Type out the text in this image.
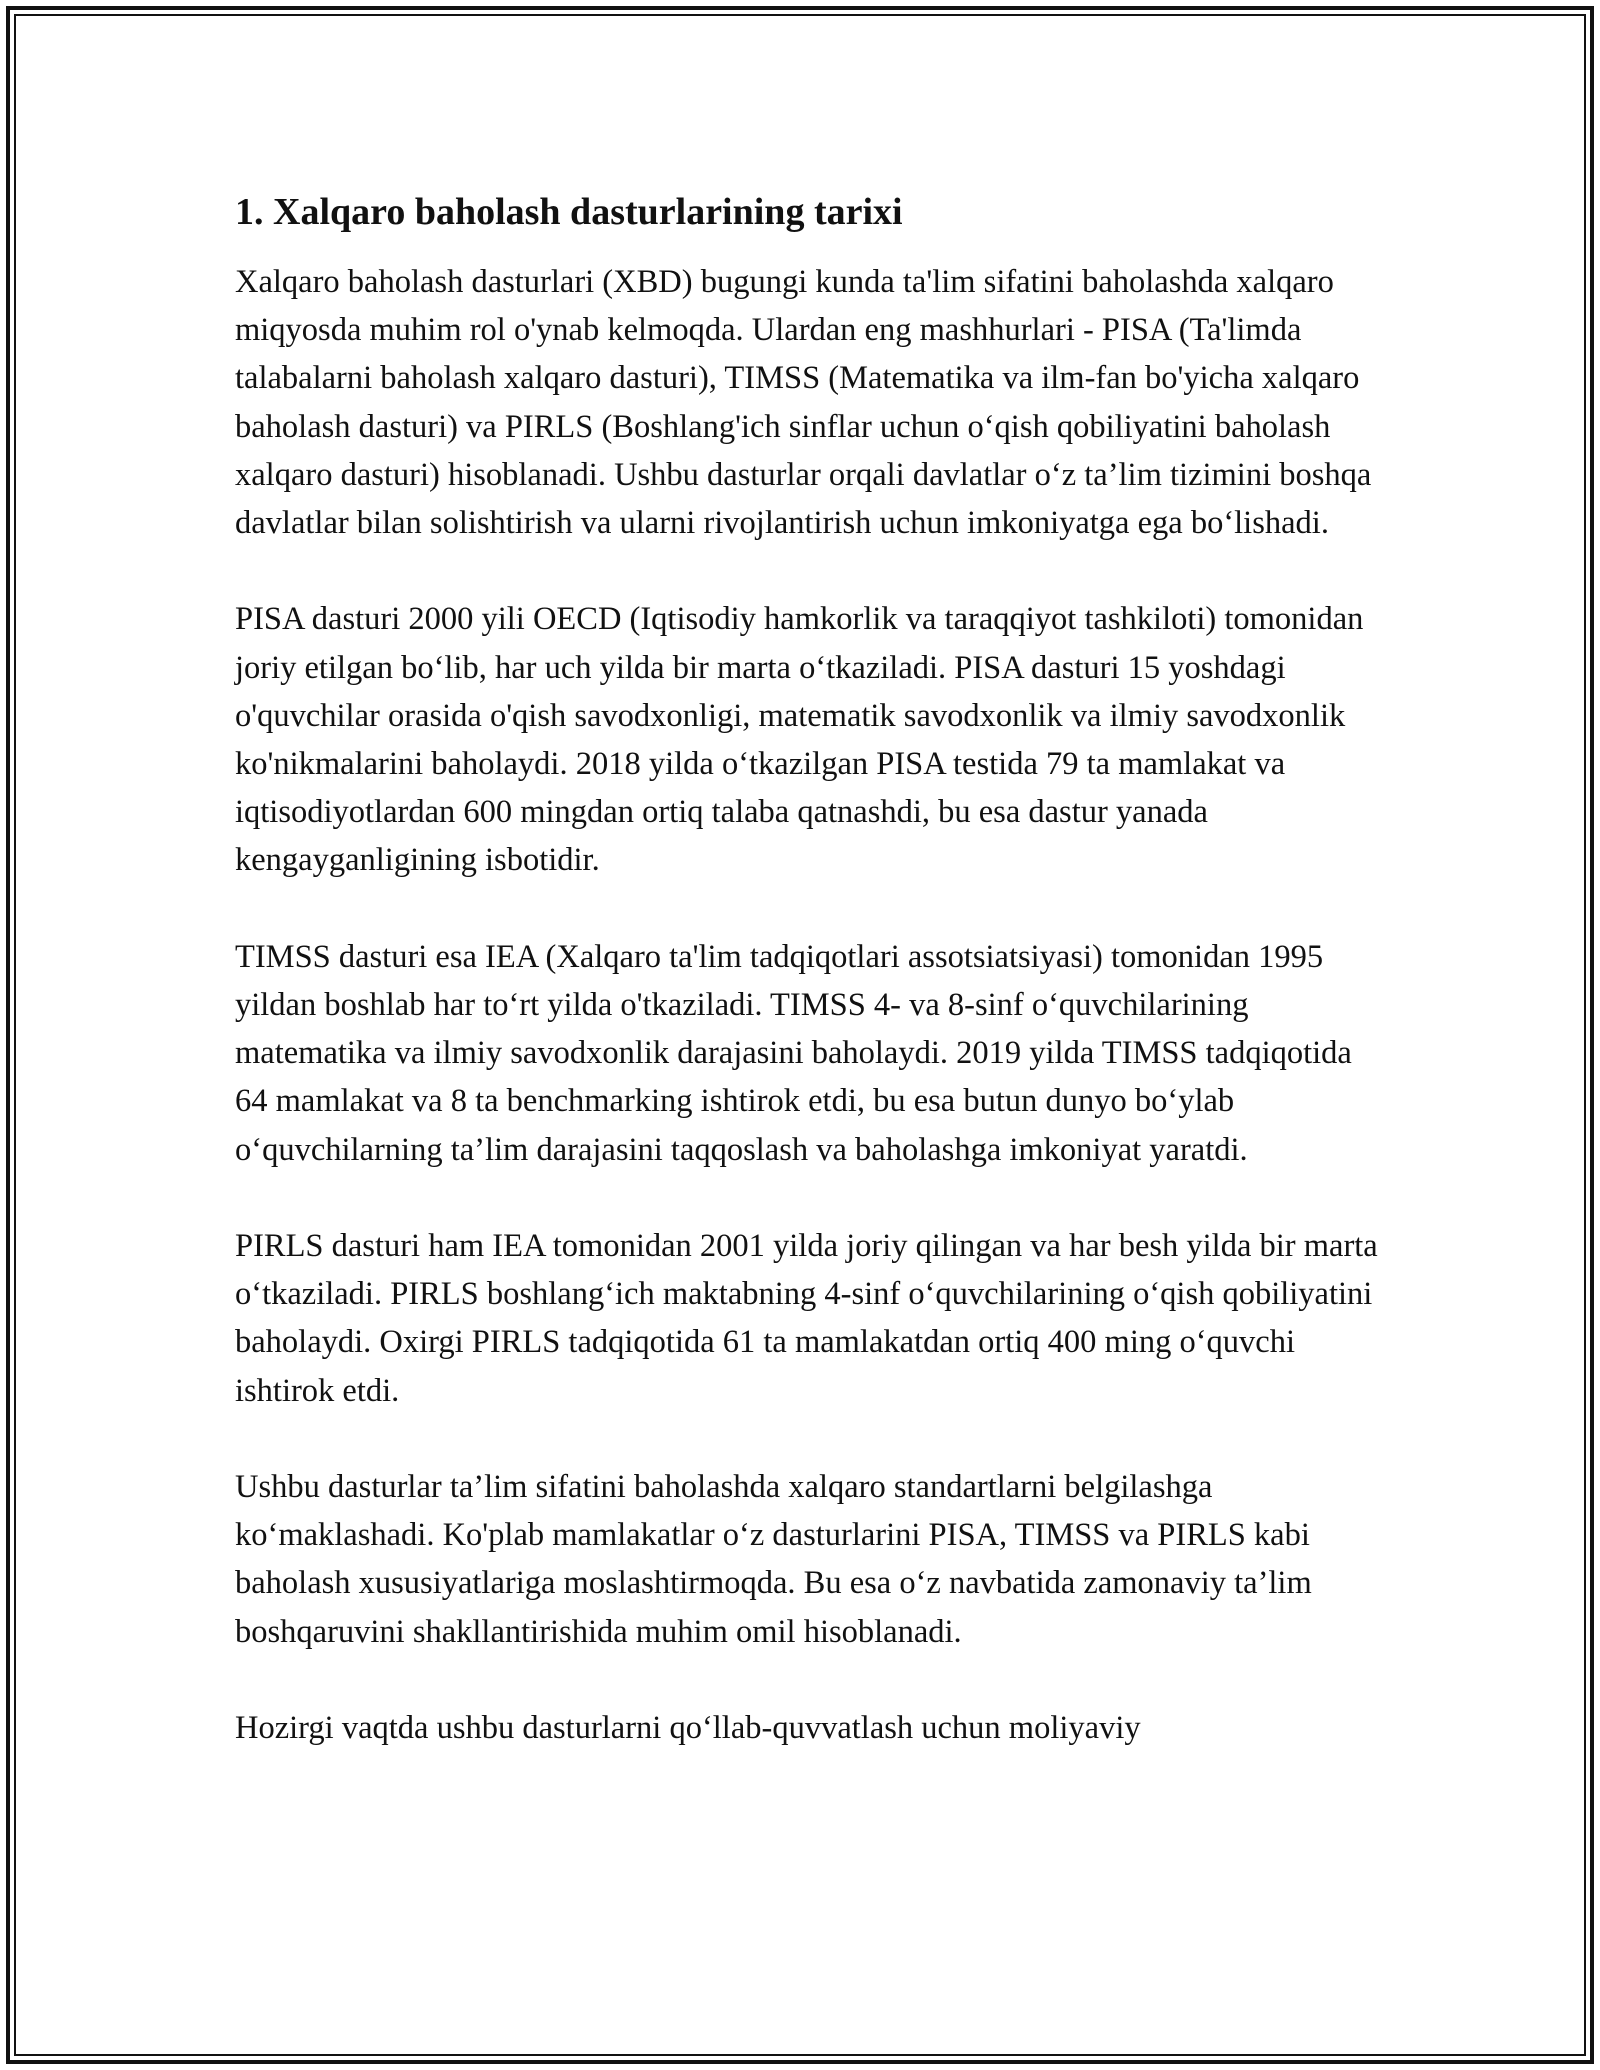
1. Xalqaro baholash dasturlarining tarixi

Xalqaro baholash dasturlari (XBD) bugungi kunda ta'lim sifatini baholashda xalqaro miqyosda muhim rol o'ynab kelmoqda. Ulardan eng mashhurlari - PISA (Ta'limda talabalarni baholash xalqaro dasturi), TIMSS (Matematika va ilm-fan bo'yicha xalqaro baholash dasturi) va PIRLS (Boshlang'ich sinflar uchun o‘qish qobiliyatini baholash xalqaro dasturi) hisoblanadi. Ushbu dasturlar orqali davlatlar o‘z ta’lim tizimini boshqa davlatlar bilan solishtirish va ularni rivojlantirish uchun imkoniyatga ega bo‘lishadi.

PISA dasturi 2000 yili OECD (Iqtisodiy hamkorlik va taraqqiyot tashkiloti) tomonidan joriy etilgan bo‘lib, har uch yilda bir marta o‘tkaziladi. PISA dasturi 15 yoshdagi o'quvchilar orasida o'qish savodxonligi, matematik savodxonlik va ilmiy savodxonlik ko'nikmalarini baholaydi. 2018 yilda o‘tkazilgan PISA testida 79 ta mamlakat va iqtisodiyotlardan 600 mingdan ortiq talaba qatnashdi, bu esa dastur yanada kengayganligining isbotidir.

TIMSS dasturi esa IEA (Xalqaro ta'lim tadqiqotlari assotsiatsiyasi) tomonidan 1995 yildan boshlab har to‘rt yilda o'tkaziladi. TIMSS 4- va 8-sinf o‘quvchilarining matematika va ilmiy savodxonlik darajasini baholaydi. 2019 yilda TIMSS tadqiqotida 64 mamlakat va 8 ta benchmarking ishtirok etdi, bu esa butun dunyo bo‘ylab o‘quvchilarning ta’lim darajasini taqqoslash va baholashga imkoniyat yaratdi.

PIRLS dasturi ham IEA tomonidan 2001 yilda joriy qilingan va har besh yilda bir marta o‘tkaziladi. PIRLS boshlang‘ich maktabning 4-sinf o‘quvchilarining o‘qish qobiliyatini baholaydi. Oxirgi PIRLS tadqiqotida 61 ta mamlakatdan ortiq 400 ming o‘quvchi ishtirok etdi.

Ushbu dasturlar ta’lim sifatini baholashda xalqaro standartlarni belgilashga ko‘maklashadi. Ko'plab mamlakatlar o‘z dasturlarini PISA, TIMSS va PIRLS kabi baholash xususiyatlariga moslashtirmoqda. Bu esa o‘z navbatida zamonaviy ta’lim boshqaruvini shakllantirishida muhim omil hisoblanadi.

Hozirgi vaqtda ushbu dasturlarni qo‘llab-quvvatlash uchun moliyaviy
